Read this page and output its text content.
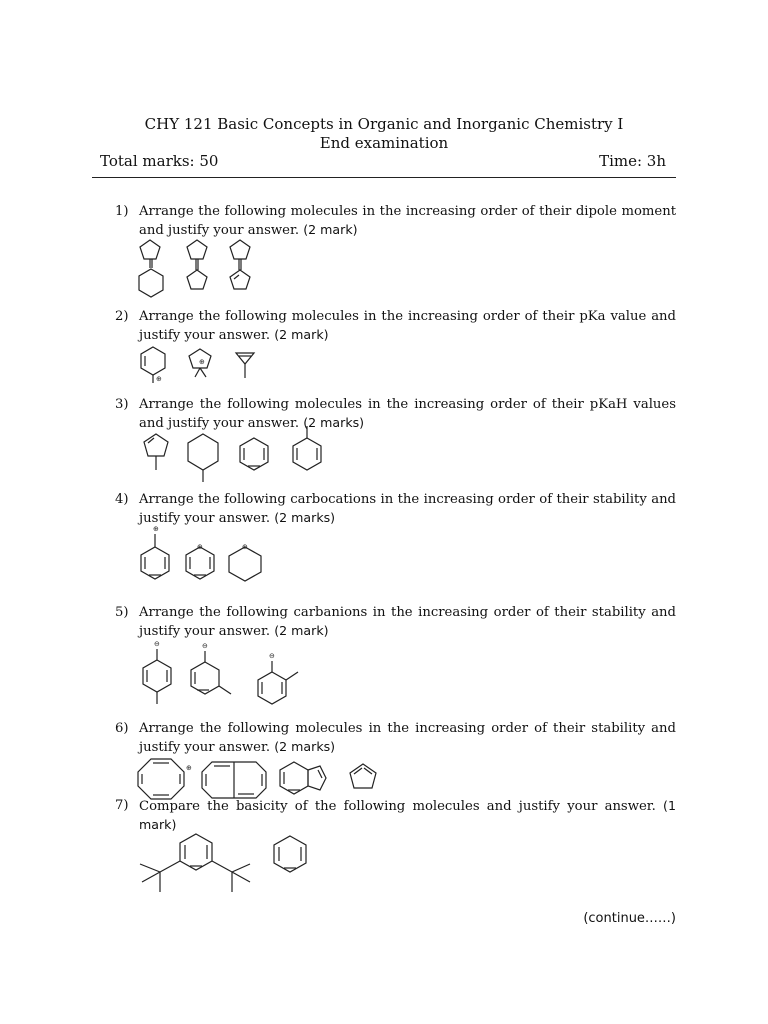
CHY 121 Basic Concepts in Organic and Inorganic Chemistry I
End examination
Total marks: 50	Time: 3h
1) Arrange the following molecules in the increasing order of their dipole moment and justify your answer. (2 mark)
2) Arrange the following molecules in the increasing order of their pKa value and justify your answer. (2 mark)
⊕
⊕
3) Arrange the following molecules in the increasing order of their pKaH values and justify your answer. (2 marks)
4) Arrange the following carbocations in the increasing order of their stability and justify your answer. (2 marks)
⊕
⊕	⊕
5) Arrange the following carbanions in the increasing order of their stability and justify your answer. (2 mark)
⊖	⊖
⊖
6) Arrange the following molecules in the increasing order of their stability and justify your answer. (2 marks)
⊕
7) Compare the basicity of the following molecules and justify your answer. (1 mark)
(continue……)
